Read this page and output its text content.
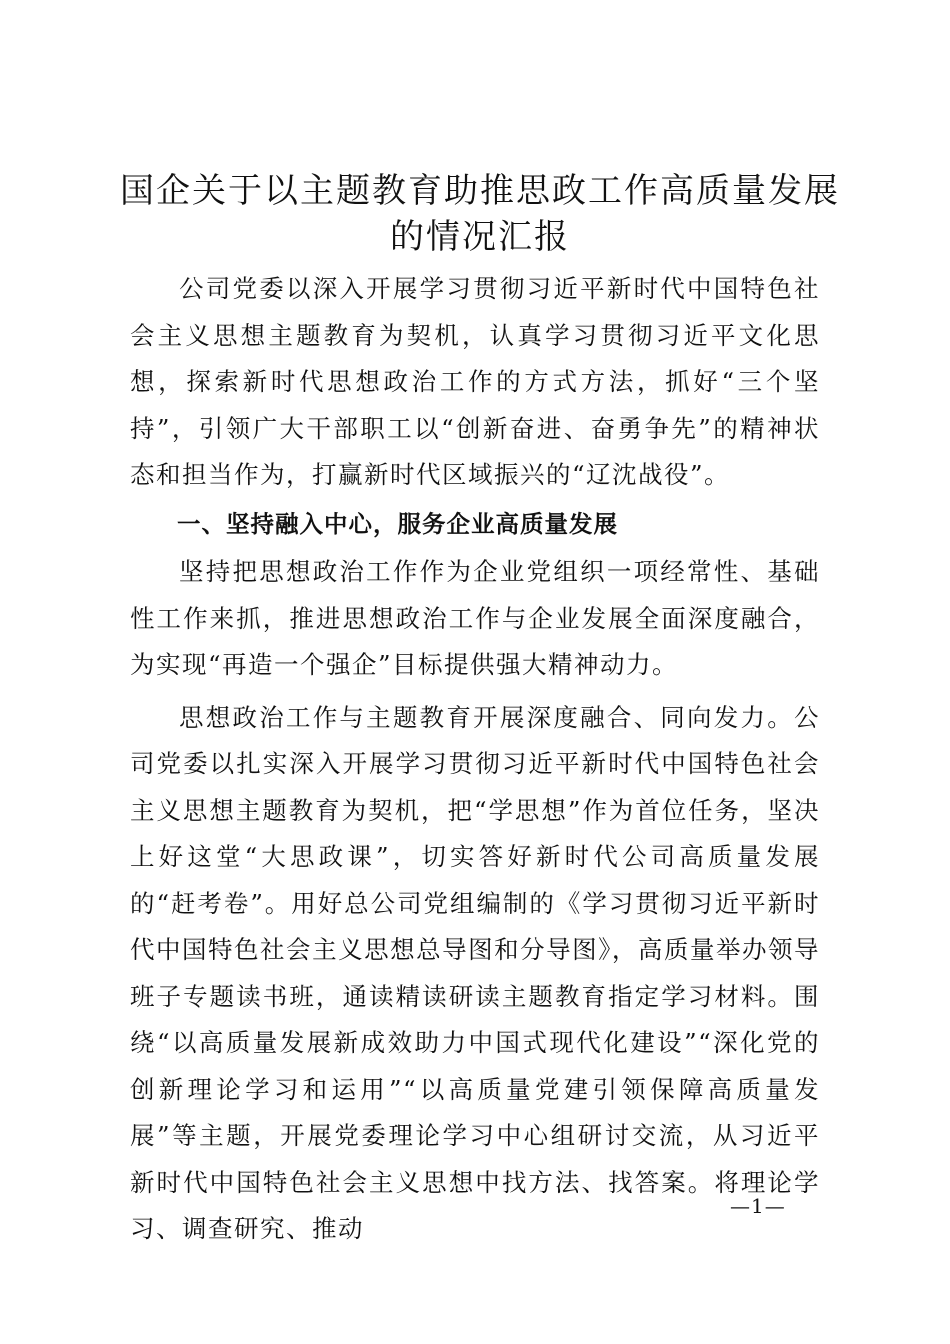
国企关于以主题教育助推思政工作高质量发展的情况汇报

公司党委以深入开展学习贯彻习近平新时代中国特色社会主义思想主题教育为契机，认真学习贯彻习近平文化思想，探索新时代思想政治工作的方式方法，抓好“三个坚持”，引领广大干部职工以“创新奋进、奋勇争先”的精神状态和担当作为，打赢新时代区域振兴的“辽沈战役”。

一、坚持融入中心，服务企业高质量发展

坚持把思想政治工作作为企业党组织一项经常性、基础性工作来抓，推进思想政治工作与企业发展全面深度融合，为实现“再造一个强企”目标提供强大精神动力。

思想政治工作与主题教育开展深度融合、同向发力。公司党委以扎实深入开展学习贯彻习近平新时代中国特色社会主义思想主题教育为契机，把“学思想”作为首位任务，坚决上好这堂“大思政课”，切实答好新时代公司高质量发展的“赶考卷”。用好总公司党组编制的《学习贯彻习近平新时代中国特色社会主义思想总导图和分导图》，高质量举办领导班子专题读书班，通读精读研读主题教育指定学习材料。围绕“以高质量发展新成效助力中国式现代化建设”“深化党的创新理论学习和运用”“以高质量党建引领保障高质量发展”等主题，开展党委理论学习中心组研讨交流，从习近平新时代中国特色社会主义思想中找方法、找答案。将理论学习、调查研究、推动

—1—
